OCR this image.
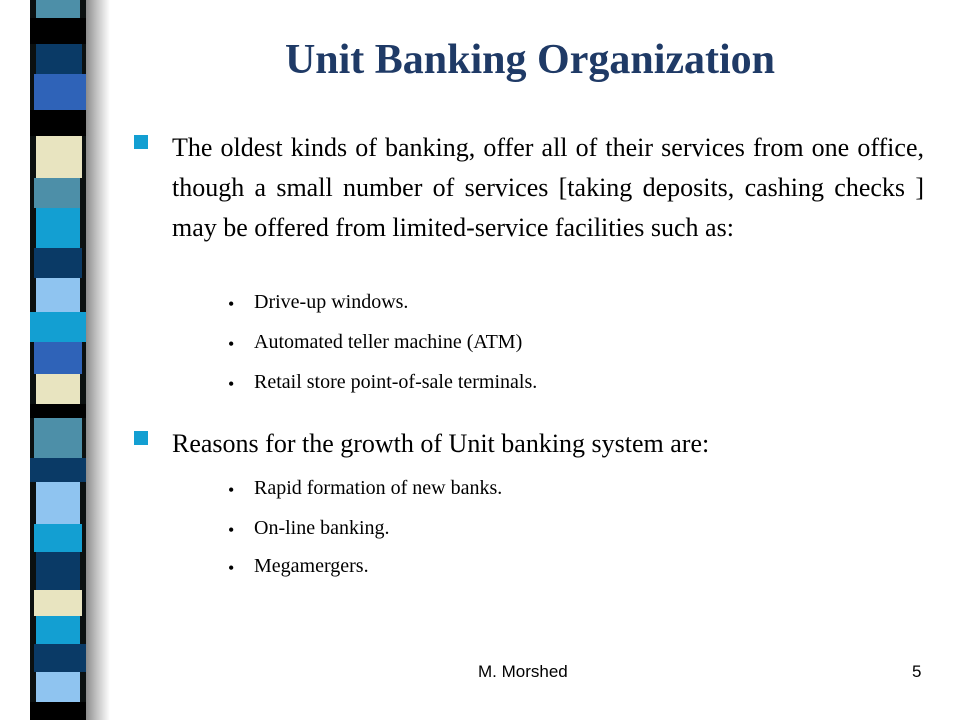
Unit Banking Organization

The oldest kinds of banking, offer all of their services from one office, though a small number of services [taking deposits, cashing checks ] may be offered from limited-service facilities such as:

• Drive-up windows.
• Automated teller machine (ATM)
• Retail store point-of-sale terminals.

Reasons for the growth of Unit banking system are:

• Rapid formation of new banks.
• On-line banking.
• Megamergers.
M. Morshed	5
